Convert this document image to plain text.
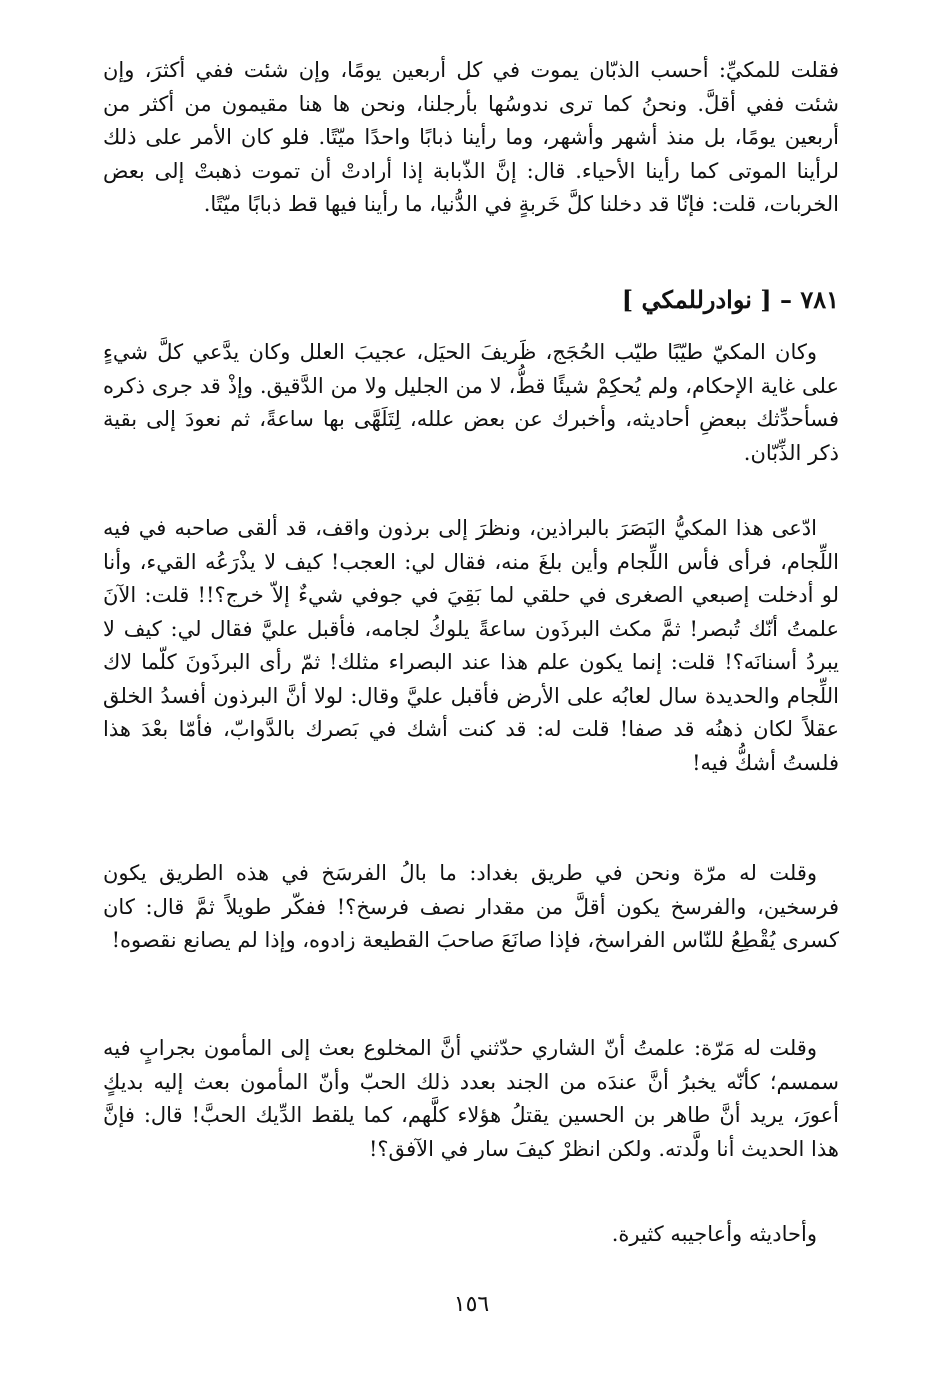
فقلت للمكيِّ: أحسب الذبّان يموت في كل أربعين يومًا، وإن شئت ففي أكثرَ، وإن شئت ففي أقلَّ. ونحنُ كما ترى ندوسُها بأرجلنا، ونحن ها هنا مقيمون من أكثر من أربعين يومًا، بل منذ أشهر وأشهر، وما رأينا ذبابًا واحدًا ميّتًا. فلو كان الأمر على ذلك لرأينا الموتى كما رأينا الأحياء. قال: إنَّ الذّبابة إذا أرادتْ أن تموت ذهبتْ إلى بعض الخربات، قلت: فإنّا قد دخلنا كلَّ خَربةٍ في الدُّنيا، ما رأينا فيها قط ذبابًا ميّتًا.

٧٨١ – [ نوادرللمكي ]

وكان المكيّ طيّبًا طيّب الحُجَج، ظَريفَ الحيَل، عجيبَ العلل وكان يدَّعي كلَّ شيءٍ على غاية الإحكام، ولم يُحكِمْ شيئًا قطُّ، لا من الجليل ولا من الدَّقيق. وإذْ قد جرى ذكره فسأحدِّثك ببعضِ أحاديثه، وأخبرك عن بعض علله، لِتَلَهَّى بها ساعةً، ثم نعودَ إلى بقية ذكر الذِّبّان.

ادّعى هذا المكيُّ البَصَرَ بالبراذين، ونظرَ إلى برذون واقف، قد ألقى صاحبه في فيه اللِّجام، فرأى فأس اللِّجام وأين بلغَ منه، فقال لي: العجب! كيف لا يذْرَعُه القيء، وأنا لو أدخلت إصبعي الصغرى في حلقي لما بَقِيَ في جوفي شيءٌ إلاّ خرج؟!! قلت: الآنَ علمتُ أنّك تُبصر! ثمَّ مكث البرذَون ساعةً يلوكُ لجامه، فأقبل عليَّ فقال لي: كيف لا يبردُ أسنانَه؟! قلت: إنما يكون علم هذا عند البصراء مثلك! ثمّ رأى البرذَونَ كلّما لاك اللِّجام والحديدة سال لعابُه على الأرض فأقبل عليَّ وقال: لولا أنَّ البرذون أفسدُ الخلق عقلاً لكان ذهنُه قد صفا! قلت له: قد كنت أشك في بَصرك بالدَّوابّ، فأمّا بعْدَ هذا فلستُ أشكُّ فيه!

وقلت له مرّة ونحن في طريق بغداد: ما بالُ الفرسَخ في هذه الطريق يكون فرسخين، والفرسخ يكون أقلَّ من مقدار نصف فرسخ؟! ففكّر طويلاً ثمَّ قال: كان كسرى يُقْطِعُ للنّاس الفراسخ، فإذا صانَعَ صاحبَ القطيعة زادوه، وإذا لم يصانع نقصوه!

وقلت له مَرّة: علمتُ أنّ الشاري حدّثني أنَّ المخلوع بعث إلى المأمون بجرابٍ فيه سمسم؛ كأنّه يخبرُ أنَّ عندَه من الجند بعدد ذلك الحبّ وأنّ المأمون بعث إليه بديكٍ أعورَ، يريد أنَّ طاهر بن الحسين يقتلُ هؤلاء كلَّهم، كما يلقط الدِّيك الحبَّ! قال: فإنَّ هذا الحديث أنا ولَّدته. ولكن انظرْ كيفَ سار في الآفق؟!

وأحاديثه وأعاجيبه كثيرة.

١٥٦
